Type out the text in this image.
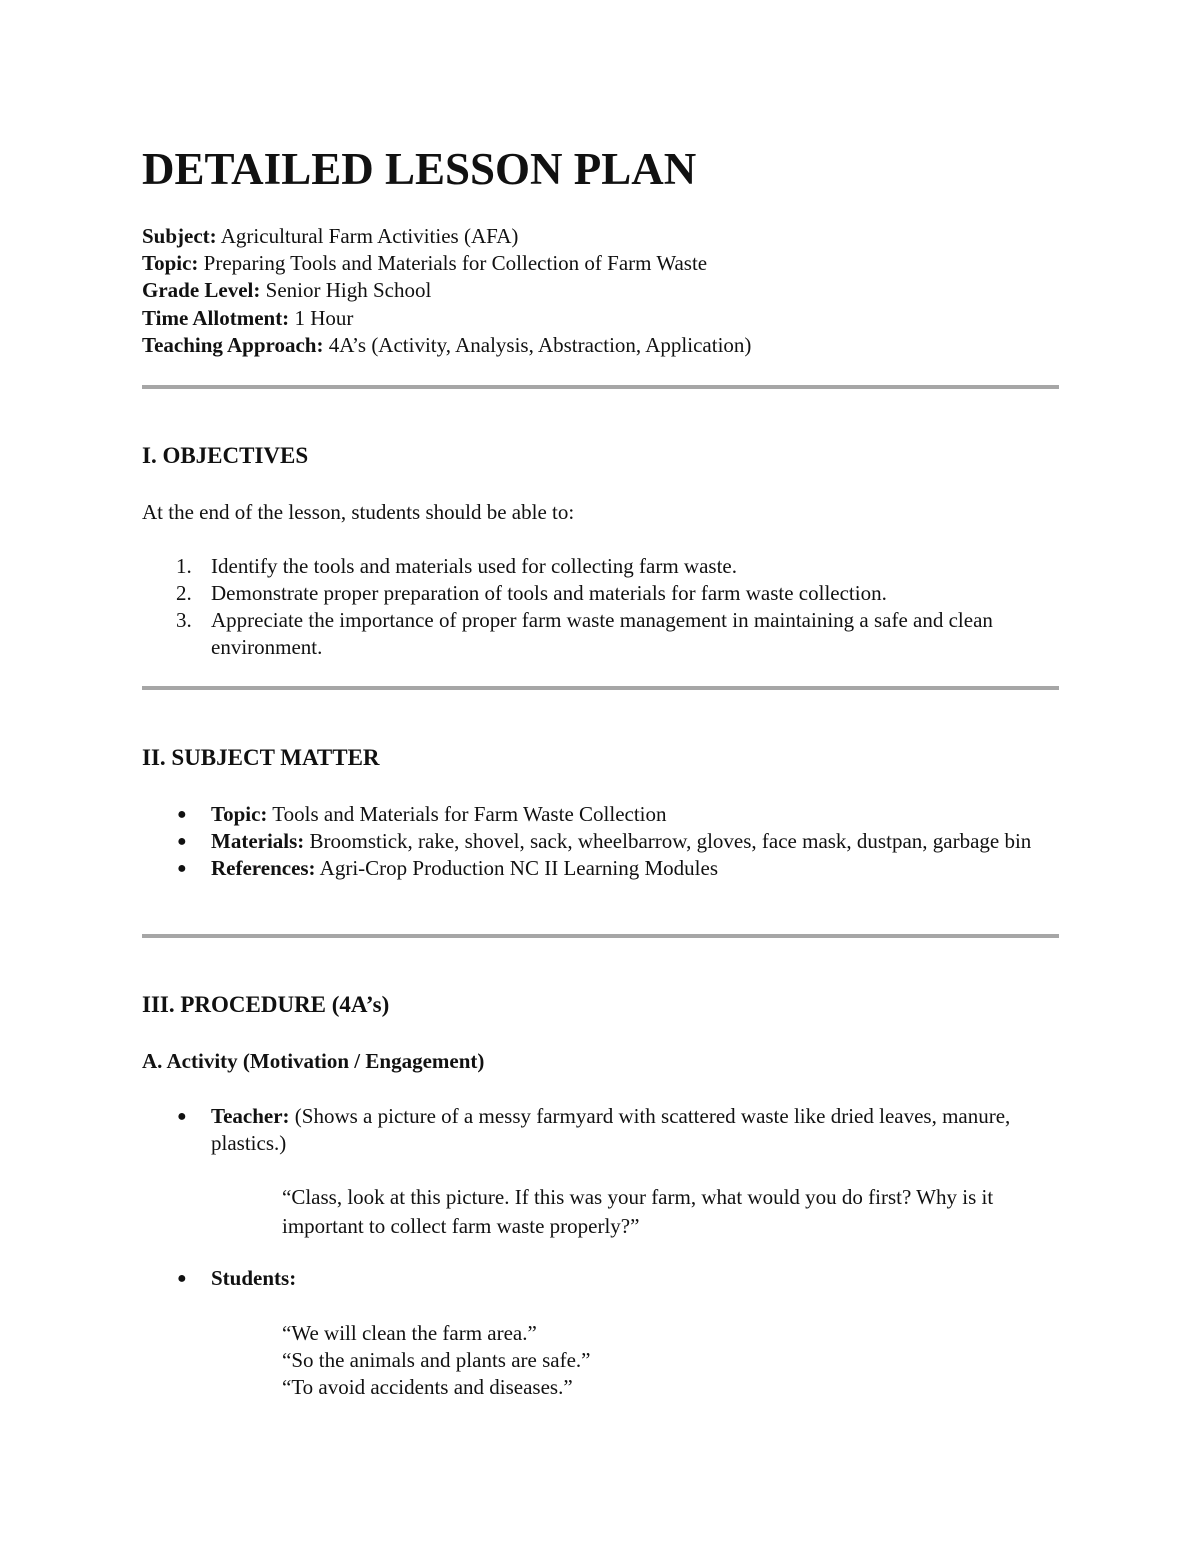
DETAILED LESSON PLAN
Subject: Agricultural Farm Activities (AFA)
Topic: Preparing Tools and Materials for Collection of Farm Waste
Grade Level: Senior High School
Time Allotment: 1 Hour
Teaching Approach: 4A’s (Activity, Analysis, Abstraction, Application)
I. OBJECTIVES

At the end of the lesson, students should be able to:

1. Identify the tools and materials used for collecting farm waste.
2. Demonstrate proper preparation of tools and materials for farm waste collection.
3. Appreciate the importance of proper farm waste management in maintaining a safe and clean environment.
II. SUBJECT MATTER
● Topic: Tools and Materials for Farm Waste Collection
● Materials: Broomstick, rake, shovel, sack, wheelbarrow, gloves, face mask, dustpan, garbage bin
● References: Agri-Crop Production NC II Learning Modules
III. PROCEDURE (4A’s)
A. Activity (Motivation / Engagement)
● Teacher: (Shows a picture of a messy farmyard with scattered waste like dried leaves, manure, plastics.)

“Class, look at this picture. If this was your farm, what would you do first? Why is it important to collect farm waste properly?”

● Students:
“We will clean the farm area.”
“So the animals and plants are safe.”
“To avoid accidents and diseases.”
